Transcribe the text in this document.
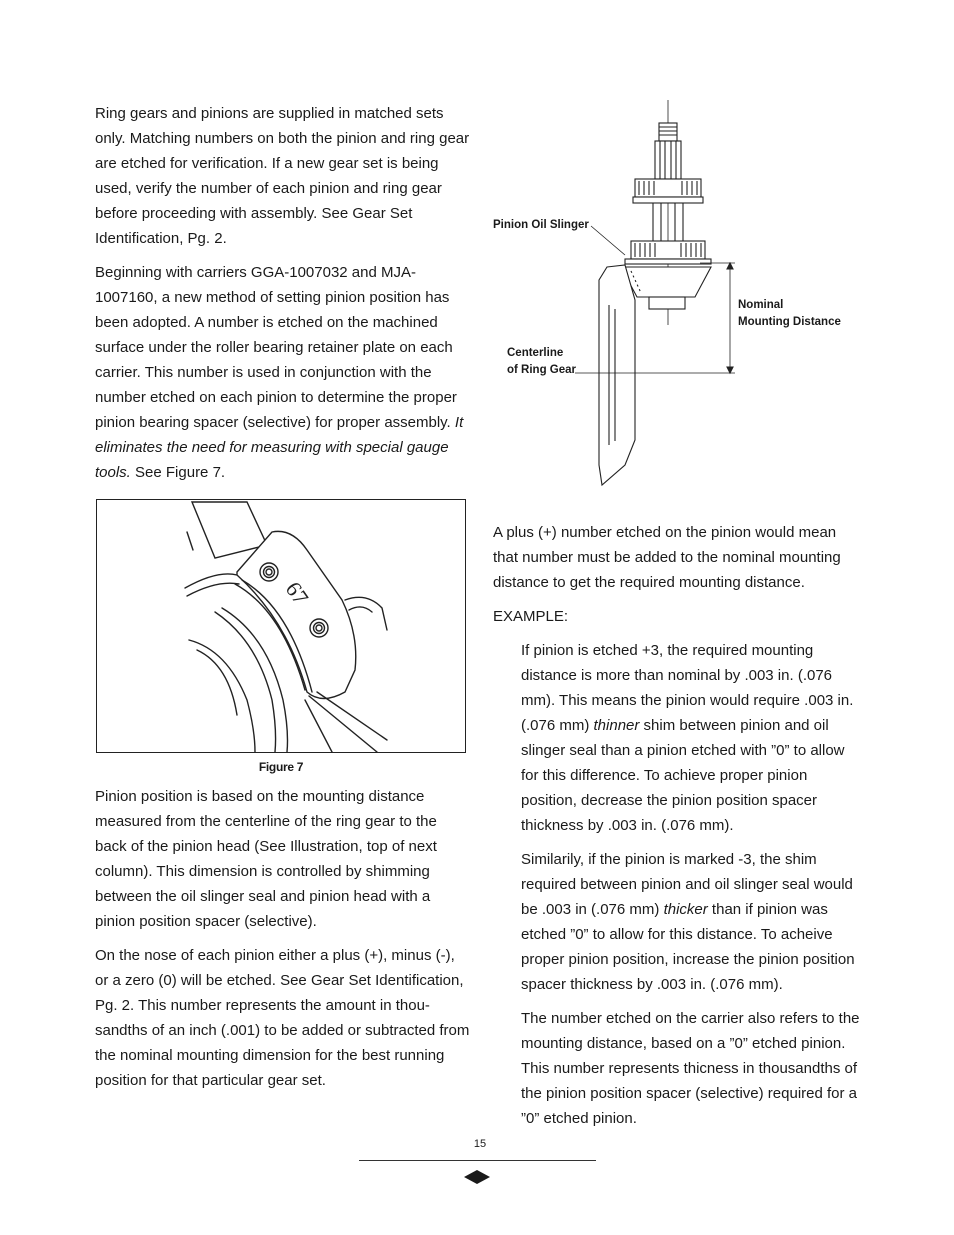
Ring gears and pinions are supplied in matched sets only. Matching numbers on both the pinion and ring gear are etched for verification. If a new gear set is being used, verify the number of each pinion and ring gear before proceeding with assembly. See Gear Set Identification, Pg. 2.

Beginning with carriers GGA-1007032 and MJA-1007160, a new method of setting pinion position has been adopted. A number is etched on the machined surface under the roller bearing retainer plate on each carrier. This number is used in conjunction with the number etched on each pinion to determine the proper pinion bearing spacer (selective) for proper assembly. It eliminates the need for measuring with special gauge tools. See Figure 7.

67
Figure 7

Pinion position is based on the mounting distance measured from the centerline of the ring gear to the back of the pinion head (See Illustration, top of next column). This dimension is controlled by shimming between the oil slinger seal and pinion head with a pinion position spacer (selective).

On the nose of each pinion either a plus (+), minus (-), or a zero (0) will be etched. See Gear Set Identification, Pg. 2. This number represents the amount in thou-sandths of an inch (.001) to be added or subtracted from the nominal mounting dimension for the best running position for that particular gear set.

Pinion Oil Slinger
Nominal
Mounting Distance
Centerline
of Ring Gear

A plus (+) number etched on the pinion would mean that number must be added to the nominal mounting distance to get the required mounting distance.

EXAMPLE:

If pinion is etched +3, the required mounting distance is more than nominal by .003 in. (.076 mm). This means the pinion would require .003 in. (.076 mm) thinner shim between pinion and oil slinger seal than a pinion etched with ”0” to allow for this difference. To achieve proper pinion position, decrease the pinion position spacer thickness by .003 in. (.076 mm).

Similarily, if the pinion is marked -3, the shim required between pinion and oil slinger seal would be .003 in (.076 mm) thicker than if pinion was etched ”0” to allow for this distance. To acheive proper pinion position, increase the pinion position spacer thickness by .003 in. (.076 mm).

The number etched on the carrier also refers to the mounting distance, based on a ”0” etched pinion. This number represents thicness in thousandths of the pinion position spacer (selective) required for a ”0” etched pinion.

15
